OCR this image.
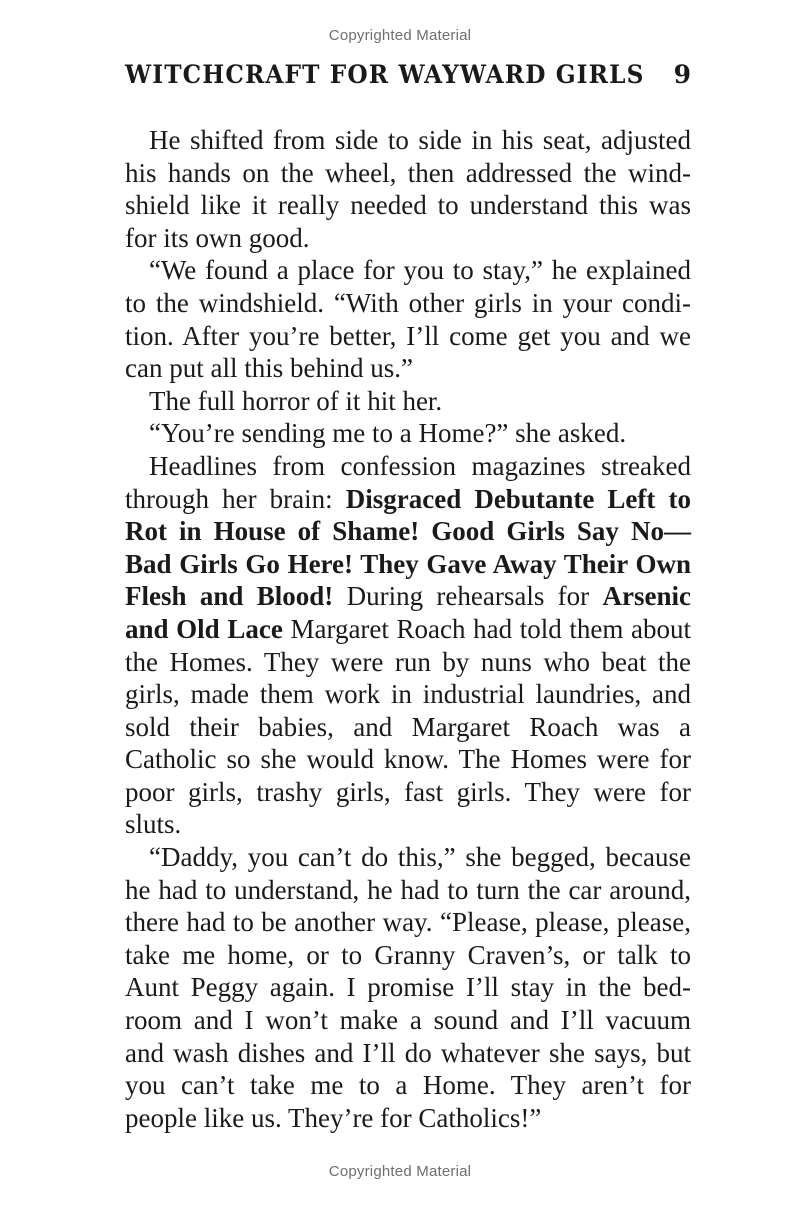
Copyrighted Material
WITCHCRAFT FOR WAYWARD GIRLS 9

He shifted from side to side in his seat, adjusted his hands on the wheel, then addressed the windshield like it really needed to understand this was for its own good.

“We found a place for you to stay,” he explained to the windshield. “With other girls in your condition. After you’re better, I’ll come get you and we can put all this behind us.”

The full horror of it hit her.

“You’re sending me to a Home?” she asked.

Headlines from confession magazines streaked through her brain: Disgraced Debutante Left to Rot in House of Shame! Good Girls Say No—Bad Girls Go Here! They Gave Away Their Own Flesh and Blood! During rehearsals for Arsenic and Old Lace Margaret Roach had told them about the Homes. They were run by nuns who beat the girls, made them work in industrial laundries, and sold their babies, and Margaret Roach was a Catholic so she would know. The Homes were for poor girls, trashy girls, fast girls. They were for sluts.

“Daddy, you can’t do this,” she begged, because he had to understand, he had to turn the car around, there had to be another way. “Please, please, please, take me home, or to Granny Craven’s, or talk to Aunt Peggy again. I promise I’ll stay in the bedroom and I won’t make a sound and I’ll vacuum and wash dishes and I’ll do whatever she says, but you can’t take me to a Home. They aren’t for people like us. They’re for Catholics!”

Copyrighted Material
